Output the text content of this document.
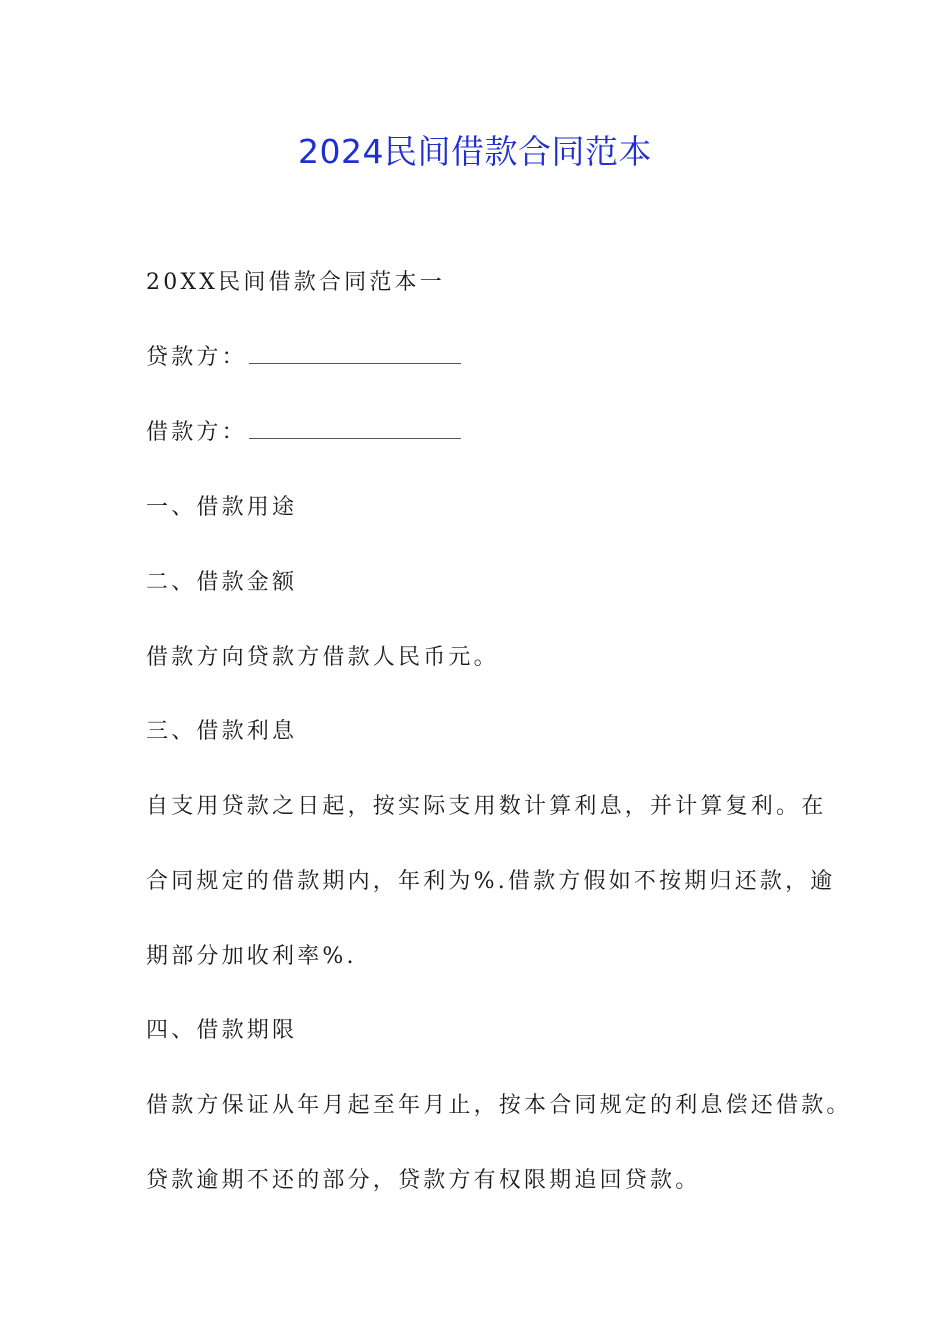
2024民间借款合同范本

20XX民间借款合同范本一

贷款方：

借款方：

一、借款用途

二、借款金额

借款方向贷款方借款人民币元。

三、借款利息

自支用贷款之日起，按实际支用数计算利息，并计算复利。在

合同规定的借款期内，年利为%.借款方假如不按期归还款，逾

期部分加收利率%.

四、借款期限

借款方保证从年月起至年月止，按本合同规定的利息偿还借款。

贷款逾期不还的部分，贷款方有权限期追回贷款。
